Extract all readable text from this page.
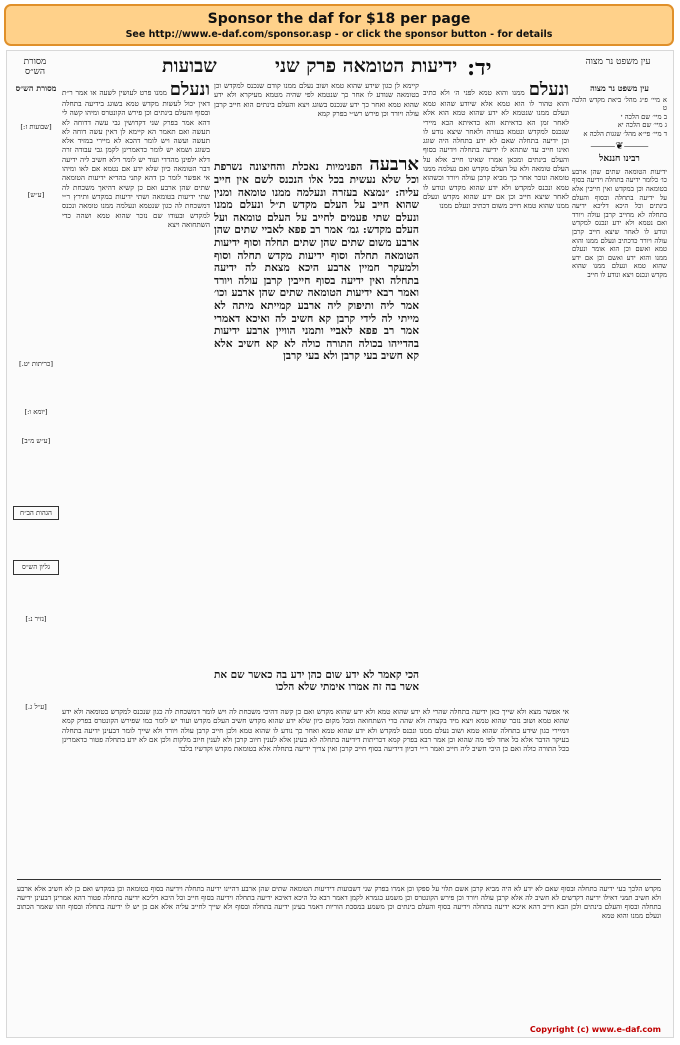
Sponsor the daf for $18 per page
See http://www.e-daf.com/sponsor.asp - or click the sponsor button - for details
מסורת הש״ס	שבועות	ידיעות הטומאה פרק שני יד:	עין משפט נר מצוה
קיימא לן כגון שידע שהוא טמא ושוב נעלם ממנו קודם שנכנס למקדש וכן בטומאה שנודע לו אחר כך שנטמא לפי שהיה מטמא מעיקרא ולא ידע שהוא טמא ואחר כך ידע שנכנס בשוגג ויצא והעלם בינתים הוא חייב קרבן עולה ויורד וכן פירש רש״י בפרק קמא
ארבעה הפנימיות נאכלת והחיצונה נשרפת וכל שלא נעשית בכל אלו הנכנס לשם אין חייב עליה: ״נמצא בעזרה ונעלמה ממנו טומאה ומנין שהוא חייב על העלם מקדש ת״ל ונעלם ממנו ונעלם שתי פעמים לחייב על העלם טומאה ועל העלם מקדש: גמ׳ אמר רב פפא לאביי שתים שהן ארבע משום שתים שהן שתים תחלה וסוף ידיעות הטומאה תחלה וסוף ידיעות מקדש תחלה וסוף ולמעקר חמיין ארבע היכא מצאת לה ידיעה בתחלה ואין ידיעה בסוף חייבין קרבן עולה ויורד ואמר רבא ידיעות הטומאה שתים שהן ארבע וכו׳ אמר ליה ותיפוק ליה ארבע קמייתא מיתה לא מייתי לה לידי קרבן קא חשיב לה ואיכא דאמרי אמר רב פפא לאביי ותמני הוויין ארבע ידיעות בהדייהו בכולה התורה כולה לא קא חשיב אלא קא חשיב בעי קרבן ולא בעי קרבן
הכי קאמר לא ידע שום כהן ידע בה כאשר שם את אשר בה זה אמרו אימתי שלא הלכו
ונעלם ממנו והוא טמא לפני ה׳ ולא כתיב והוא טהור לו הוא טמא אלא שיודע שהוא טמא ונעלם ממנו שנטמא לא ידע שהוא טמא הוא אלא לאחר זמן הא כדאיתא והא כדאיתא הכא מיירי שנכנס למקדש ונטמא בעזרה ולאחר שיצא נודע לו וכן ידיעה בתחלה שאם לא ידע בתחלה היה שוגג ואינו חייב עד שתהא לו ידיעה בתחלה וידיעה בסוף והעלם בינתים ומכאן אמרו שאינו חייב אלא על העלם טומאה ולא על העלם מקדש ואם נעלמה ממנו טומאה ונזכר אחר כך מביא קרבן עולה ויורד וכשהוא טמא ונכנס למקדש ולא ידע שהוא מקדש ונודע לו לאחר שיצא חייב וכן אם ידע שהוא מקדש ונעלם ממנו שהוא טמא חייב משום דכתיב ונעלם ממנו
ונעלם ממנו פרט לעושין לשעה או אמר ר״ת דאין יכול לעשות מקדש טמא בשוגג בידיעה בתחלה ובסוף והעלם בינתים וכן פירש הקונטרס ומיהו קשה לי דהא אמר בפרק שני דקדושין גבי עשה דדוחה לא תעשה ואם תאמר הא קיימא לן דאין עשה דוחה לא תעשה ועשה ויש לומר דהכא לא מיירי במזיד אלא בשוגג ושמא יש לומר כדאמרינן לקמן גבי עבודה זרה דלא ילפינן מהדדי ועוד יש לומר דלא חשיב ליה ידיעה דבר הטומאה כיון שלא ידע אם נטמא אם לאו ומיהו אי אפשר לומר כן דהא קתני בהדיא ידיעות הטומאה שתים שהן ארבע ואם כן קשיא דהיאך משכחת לה שתי ידיעות בטומאה ושתי ידיעות במקדש ותירץ ר״י דמשכחת לה כגון שנטמא ונעלמה ממנו טומאה ונכנס למקדש ובעודו שם נזכר שהוא טמא ושהה כדי השתחואה ויצא
אי אפשר מצא ולא שייך כאן ידיעה בתחלה שהרי לא ידע שהוא טמא ולא ידע שהוא מקדש ואם כן קשה דהיכי משכחת לה ויש לומר דמשכחת לה כגון שנכנס למקדש בטומאה ולא ידע שהוא טמא ושוב נזכר שהוא טמא ויצא מיד בקצרה ולא שהה כדי השתחואה ומכל מקום כיון שלא ידע שהוא מקדש חשיב העלם מקדש ועוד יש לומר כמו שפירש הקונטרס בפרק קמא דמיירי כגון שידע בתחלה שהוא טמא ושוב נעלם ממנו ונכנס למקדש ולא ידע שהוא טמא ואחר כך נודע לו שהוא טמא ולכן חייב קרבן עולה ויורד ולא שייך לומר דבעינן ידיעה בתחלה בעיקר הדבר אלא כל אחד לפי מה שהוא וכן אמר רבא בפרק קמא דכריתות דידיעה בתחלה לא בעינן אלא לענין חיוב קרבן ולא לענין חיוב מלקות ולכן אם לא ידע בתחלה פטור כדאמרינן בכל התורה כולה ואם כן היכי חשיב ליה חייב ואמר ר״י דכיון דידיעה בסוף חייב קרבן ואין צריך ידיעה בתחלה אלא בטומאת מקדש וקדשיו בלבד
מסורת הש״ס
[שבועות ז:]
[ע״ש]
[כריתות יט.]
[יומא ו:]
[ע״ש מ״ב]
הגהות הב״ח
גליון הש״ס
[נזיר נ:]
[ע״ל ג.]
עין משפט נר מצוה
א מיי׳ פ״ג מהל׳ ביאת מקדש הלכה ט
ב מיי׳ שם הלכה י
ג מיי׳ שם הלכה יא
ד מיי׳ פי״א מהל׳ שגגות הלכה א
⸻❦⸻
רבינו חננאל
ידיעות הטומאה שתים שהן ארבע כו׳ כלומר ידיעה בתחלה וידיעה בסוף בטומאה וכן במקדש ואין חייבין אלא על ידיעה בתחלה ובסוף והעלם בינתים וכל היכא דליכא ידיעה בתחלה לא מחייב קרבן עולה ויורד ואם נטמא ולא ידע ונכנס למקדש ונודע לו לאחר שיצא חייב קרבן עולה ויורד כדכתיב ונעלם ממנו והוא טמא ואשם וכן הוא אומר ונעלם ממנו והוא ידע ואשם וכן אם ידע שהוא טמא ונעלם ממנו שהוא מקדש ונכנס ויצא ונודע לו חייב
מקדש הלכך בעי ידיעה בתחלה ובסוף שאם לא ידע לא היה מביא קרבן אשם תלוי על ספקו וכן אמרו בפרק שני דשבועות דידיעות הטומאה שתים שהן ארבע דהיינו ידיעה בתחלה וידיעה בסוף בטומאה וכן במקדש ואם כן לא חשיב אלא ארבע ולא חשיב תמני דאילו ידיעה דקדשים לא חשיב לה אלא קרבן עולה ויורד וכן פירש הקונטרס וכן משמע בגמרא לקמן דאמר רבא כל היכא דאיכא ידיעה בתחלה וידיעה בסוף חייב וכל היכא דליכא ידיעה בתחלה פטור דהא אמרינן דבעינן ידיעה בתחלה ובסוף והעלם בינתים ולכן הכא חייב דהא איכא ידיעה בתחלה וידיעה בסוף והעלם בינתים וכן משמע במסכת הוריות דאמר בעינן ידיעה בתחלה ובסוף ולא שייך לחייב עליה אלא אם כן יש לו ידיעה בתחלה ובסוף וזהו שאמר הכתוב ונעלם ממנו והוא טמא
Copyright (c) www.e-daf.com
